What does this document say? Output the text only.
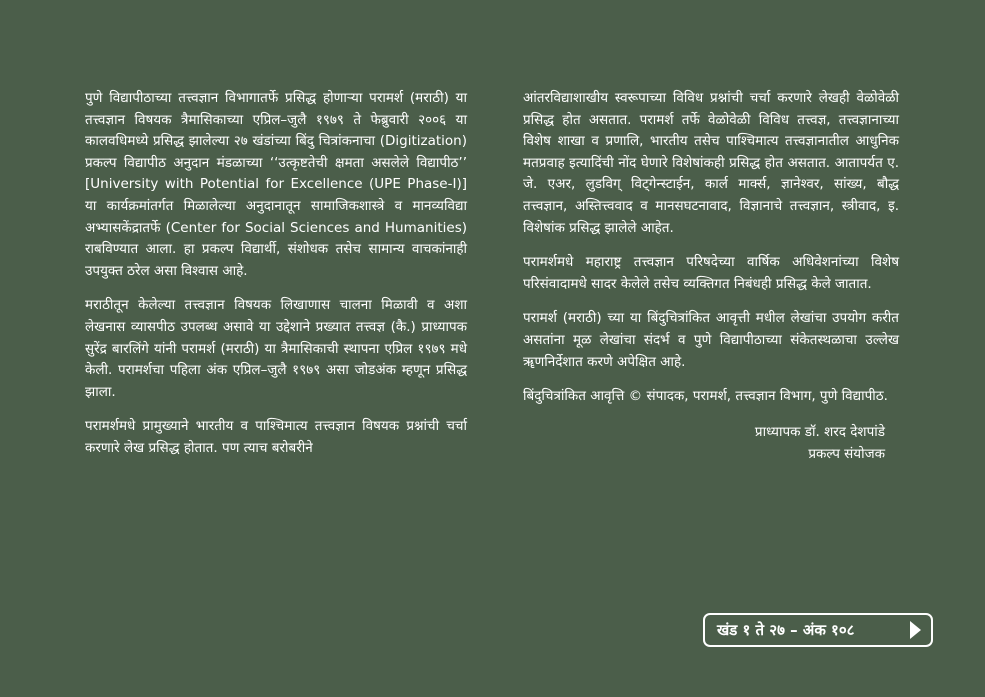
पुणे विद्यापीठाच्या तत्त्वज्ञान विभागातर्फे प्रसिद्ध होणाऱ्या परामर्श (मराठी) या तत्त्वज्ञान विषयक त्रैमासिकाच्या एप्रिल–जुलै १९७९ ते फेब्रुवारी २००६ या कालवधिमध्ये प्रसिद्ध झालेल्या २७ खंडांच्या बिंदु चित्रांकनाचा (Digitization) प्रकल्प विद्यापीठ अनुदान मंडळाच्या ‘‘उत्कृष्टतेची क्षमता असलेले विद्यापीठ’’ [University with Potential for Excellence (UPE Phase-I)] या कार्यक्रमांतर्गत मिळालेल्या अनुदानातून सामाजिकशास्त्रे व मानव्यविद्या अभ्यासकेंद्रातर्फे (Center for Social Sciences and Humanities) राबविण्यात आला. हा प्रकल्प विद्यार्थी, संशोधक तसेच सामान्य वाचकांनाही उपयुक्त ठरेल असा विश्वास आहे.

मराठीतून केलेल्या तत्त्वज्ञान विषयक लिखाणास चालना मिळावी व अशा लेखनास व्यासपीठ उपलब्ध असावे या उद्देशाने प्रख्यात तत्त्वज्ञ (कै.) प्राध्यापक सुरेंद्र बारलिंगे यांनी परामर्श (मराठी) या त्रैमासिकाची स्थापना एप्रिल १९७९ मधे केली. परामर्शचा पहिला अंक एप्रिल–जुलै १९७९ असा जोडअंक म्हणून प्रसिद्ध झाला.

परामर्शमधे प्रामुख्याने भारतीय व पाश्चिमात्य तत्त्वज्ञान विषयक प्रश्नांची चर्चा करणारे लेख प्रसिद्ध होतात. पण त्याच बरोबरीने

आंतरविद्याशाखीय स्वरूपाच्या विविध प्रश्नांची चर्चा करणारे लेखही वेळोवेळी प्रसिद्ध होत असतात. परामर्श तर्फे वेळोवेळी विविध तत्त्वज्ञ, तत्त्वज्ञानाच्या विशेष शाखा व प्रणालि, भारतीय तसेच पाश्चिमात्य तत्त्वज्ञानातील आधुनिक मतप्रवाह इत्यादिंची नोंद घेणारे विशेषांकही प्रसिद्ध होत असतात. आतापर्यत ए. जे. एअर, लुडविग् विट्गेन्स्टाईन, कार्ल मार्क्स, ज्ञानेश्वर, सांख्य, बौद्ध तत्त्वज्ञान, अस्तित्त्ववाद व मानसघटनावाद, विज्ञानाचे तत्त्वज्ञान, स्त्रीवाद, इ. विशेषांक प्रसिद्ध झालेले आहेत.

परामर्शमधे महाराष्ट्र तत्त्वज्ञान परिषदेच्या वार्षिक अधिवेशनांच्या विशेष परिसंवादामधे सादर केलेले तसेच व्यक्तिगत निबंधही प्रसिद्ध केले जातात.

परामर्श (मराठी) च्या या बिंदुचित्रांकित आवृत्ती मधील लेखांचा उपयोग करीत असतांना मूळ लेखांचा संदर्भ व पुणे विद्यापीठाच्या संकेतस्थळाचा उल्लेख ॠणनिर्देशात करणे अपेक्षित आहे.

बिंदुचित्रांकित आवृत्ति © संपादक, परामर्श, तत्त्वज्ञान विभाग, पुणे विद्यापीठ.

प्राध्यापक डॉ. शरद देशपांडे
प्रकल्प संयोजक
खंड १ ते २७ – अंक १०८
